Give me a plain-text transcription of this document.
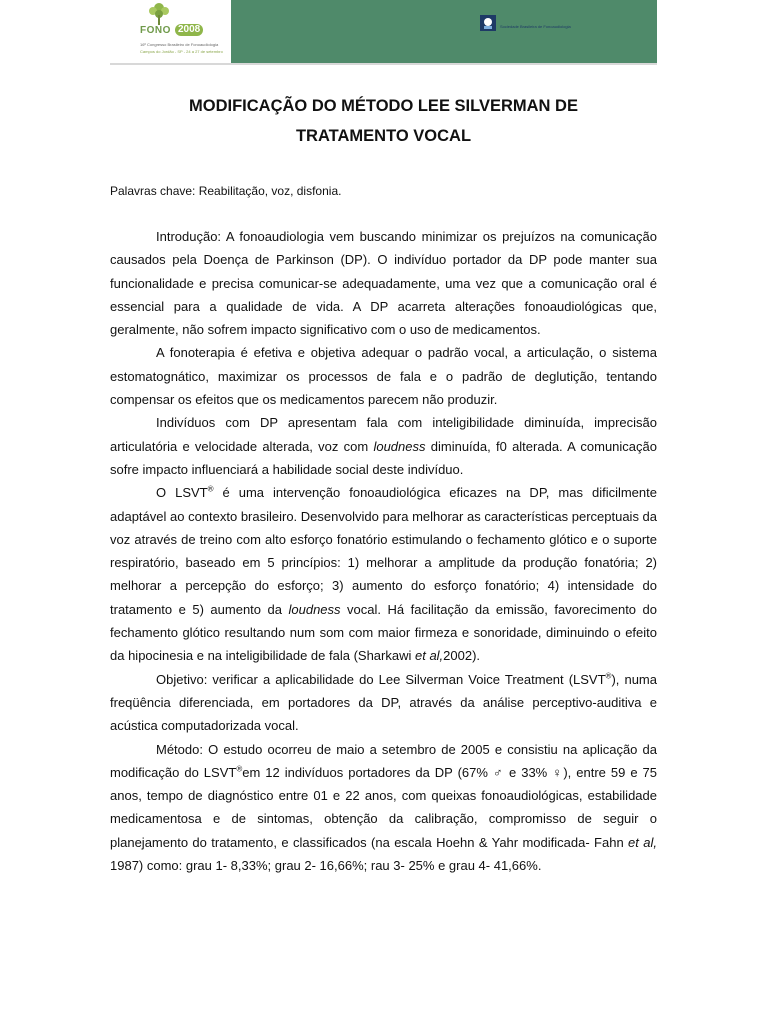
FONO 2008
16º Congresso Brasileiro de Fonoaudiologia
Campos do Jordão - SP - 24 a 27 de setembro
Sociedade Brasileira de Fonoaudiologia
MODIFICAÇÃO DO MÉTODO LEE SILVERMAN DE
TRATAMENTO VOCAL

Palavras chave: Reabilitação, voz, disfonia.

Introdução: A fonoaudiologia vem buscando minimizar os prejuízos na comunicação causados pela Doença de Parkinson (DP). O indivíduo portador da DP pode manter sua funcionalidade e precisa comunicar-se adequadamente, uma vez que a comunicação oral é essencial para a qualidade de vida. A DP acarreta alterações fonoaudiológicas que, geralmente, não sofrem impacto significativo com o uso de medicamentos.

A fonoterapia é efetiva e objetiva adequar o padrão vocal, a articulação, o sistema estomatognático, maximizar os processos de fala e o padrão de deglutição, tentando compensar os efeitos que os medicamentos parecem não produzir.

Indivíduos com DP apresentam fala com inteligibilidade diminuída, imprecisão articulatória e velocidade alterada, voz com loudness diminuída, f0 alterada. A comunicação sofre impacto influenciará a habilidade social deste indivíduo.

O LSVT® é uma intervenção fonoaudiológica eficazes na DP, mas dificilmente adaptável ao contexto brasileiro. Desenvolvido para melhorar as características perceptuais da voz através de treino com alto esforço fonatório estimulando o fechamento glótico e o suporte respiratório, baseado em 5 princípios: 1) melhorar a amplitude da produção fonatória; 2) melhorar a percepção do esforço; 3) aumento do esforço fonatório; 4) intensidade do tratamento e 5) aumento da loudness vocal. Há facilitação da emissão, favorecimento do fechamento glótico resultando num som com maior firmeza e sonoridade, diminuindo o efeito da hipocinesia e na inteligibilidade de fala (Sharkawi et al,2002).

Objetivo: verificar a aplicabilidade do Lee Silverman Voice Treatment (LSVT®), numa freqüência diferenciada, em portadores da DP, através da análise perceptivo-auditiva e acústica computadorizada vocal.

Método: O estudo ocorreu de maio a setembro de 2005 e consistiu na aplicação da modificação do LSVT®em 12 indivíduos portadores da DP (67% ♂ e 33% ♀), entre 59 e 75 anos, tempo de diagnóstico entre 01 e 22 anos, com queixas fonoaudiológicas, estabilidade medicamentosa e de sintomas, obtenção da calibração, compromisso de seguir o planejamento do tratamento, e classificados (na escala Hoehn & Yahr modificada- Fahn et al, 1987) como: grau 1- 8,33%; grau 2- 16,66%; rau 3- 25% e grau 4- 41,66%.
